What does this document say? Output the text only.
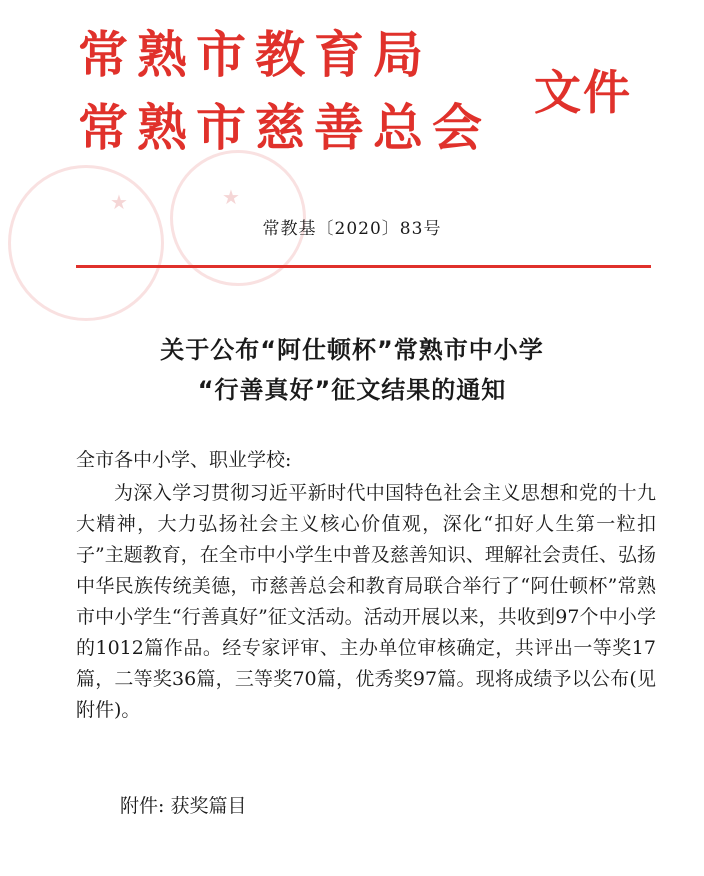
★	★
常熟市教育局
常熟市慈善总会
文件
常教基〔2020〕83号
关于公布“阿仕顿杯”常熟市中小学
“行善真好”征文结果的通知
全市各中小学、职业学校:
为深入学习贯彻习近平新时代中国特色社会主义思想和党的十九大精神，大力弘扬社会主义核心价值观，深化“扣好人生第一粒扣子”主题教育，在全市中小学生中普及慈善知识、理解社会责任、弘扬中华民族传统美德，市慈善总会和教育局联合举行了“阿仕顿杯”常熟市中小学生“行善真好”征文活动。活动开展以来，共收到97个中小学的1012篇作品。经专家评审、主办单位审核确定，共评出一等奖17篇，二等奖36篇，三等奖70篇，优秀奖97篇。现将成绩予以公布(见附件)。
附件: 获奖篇目
